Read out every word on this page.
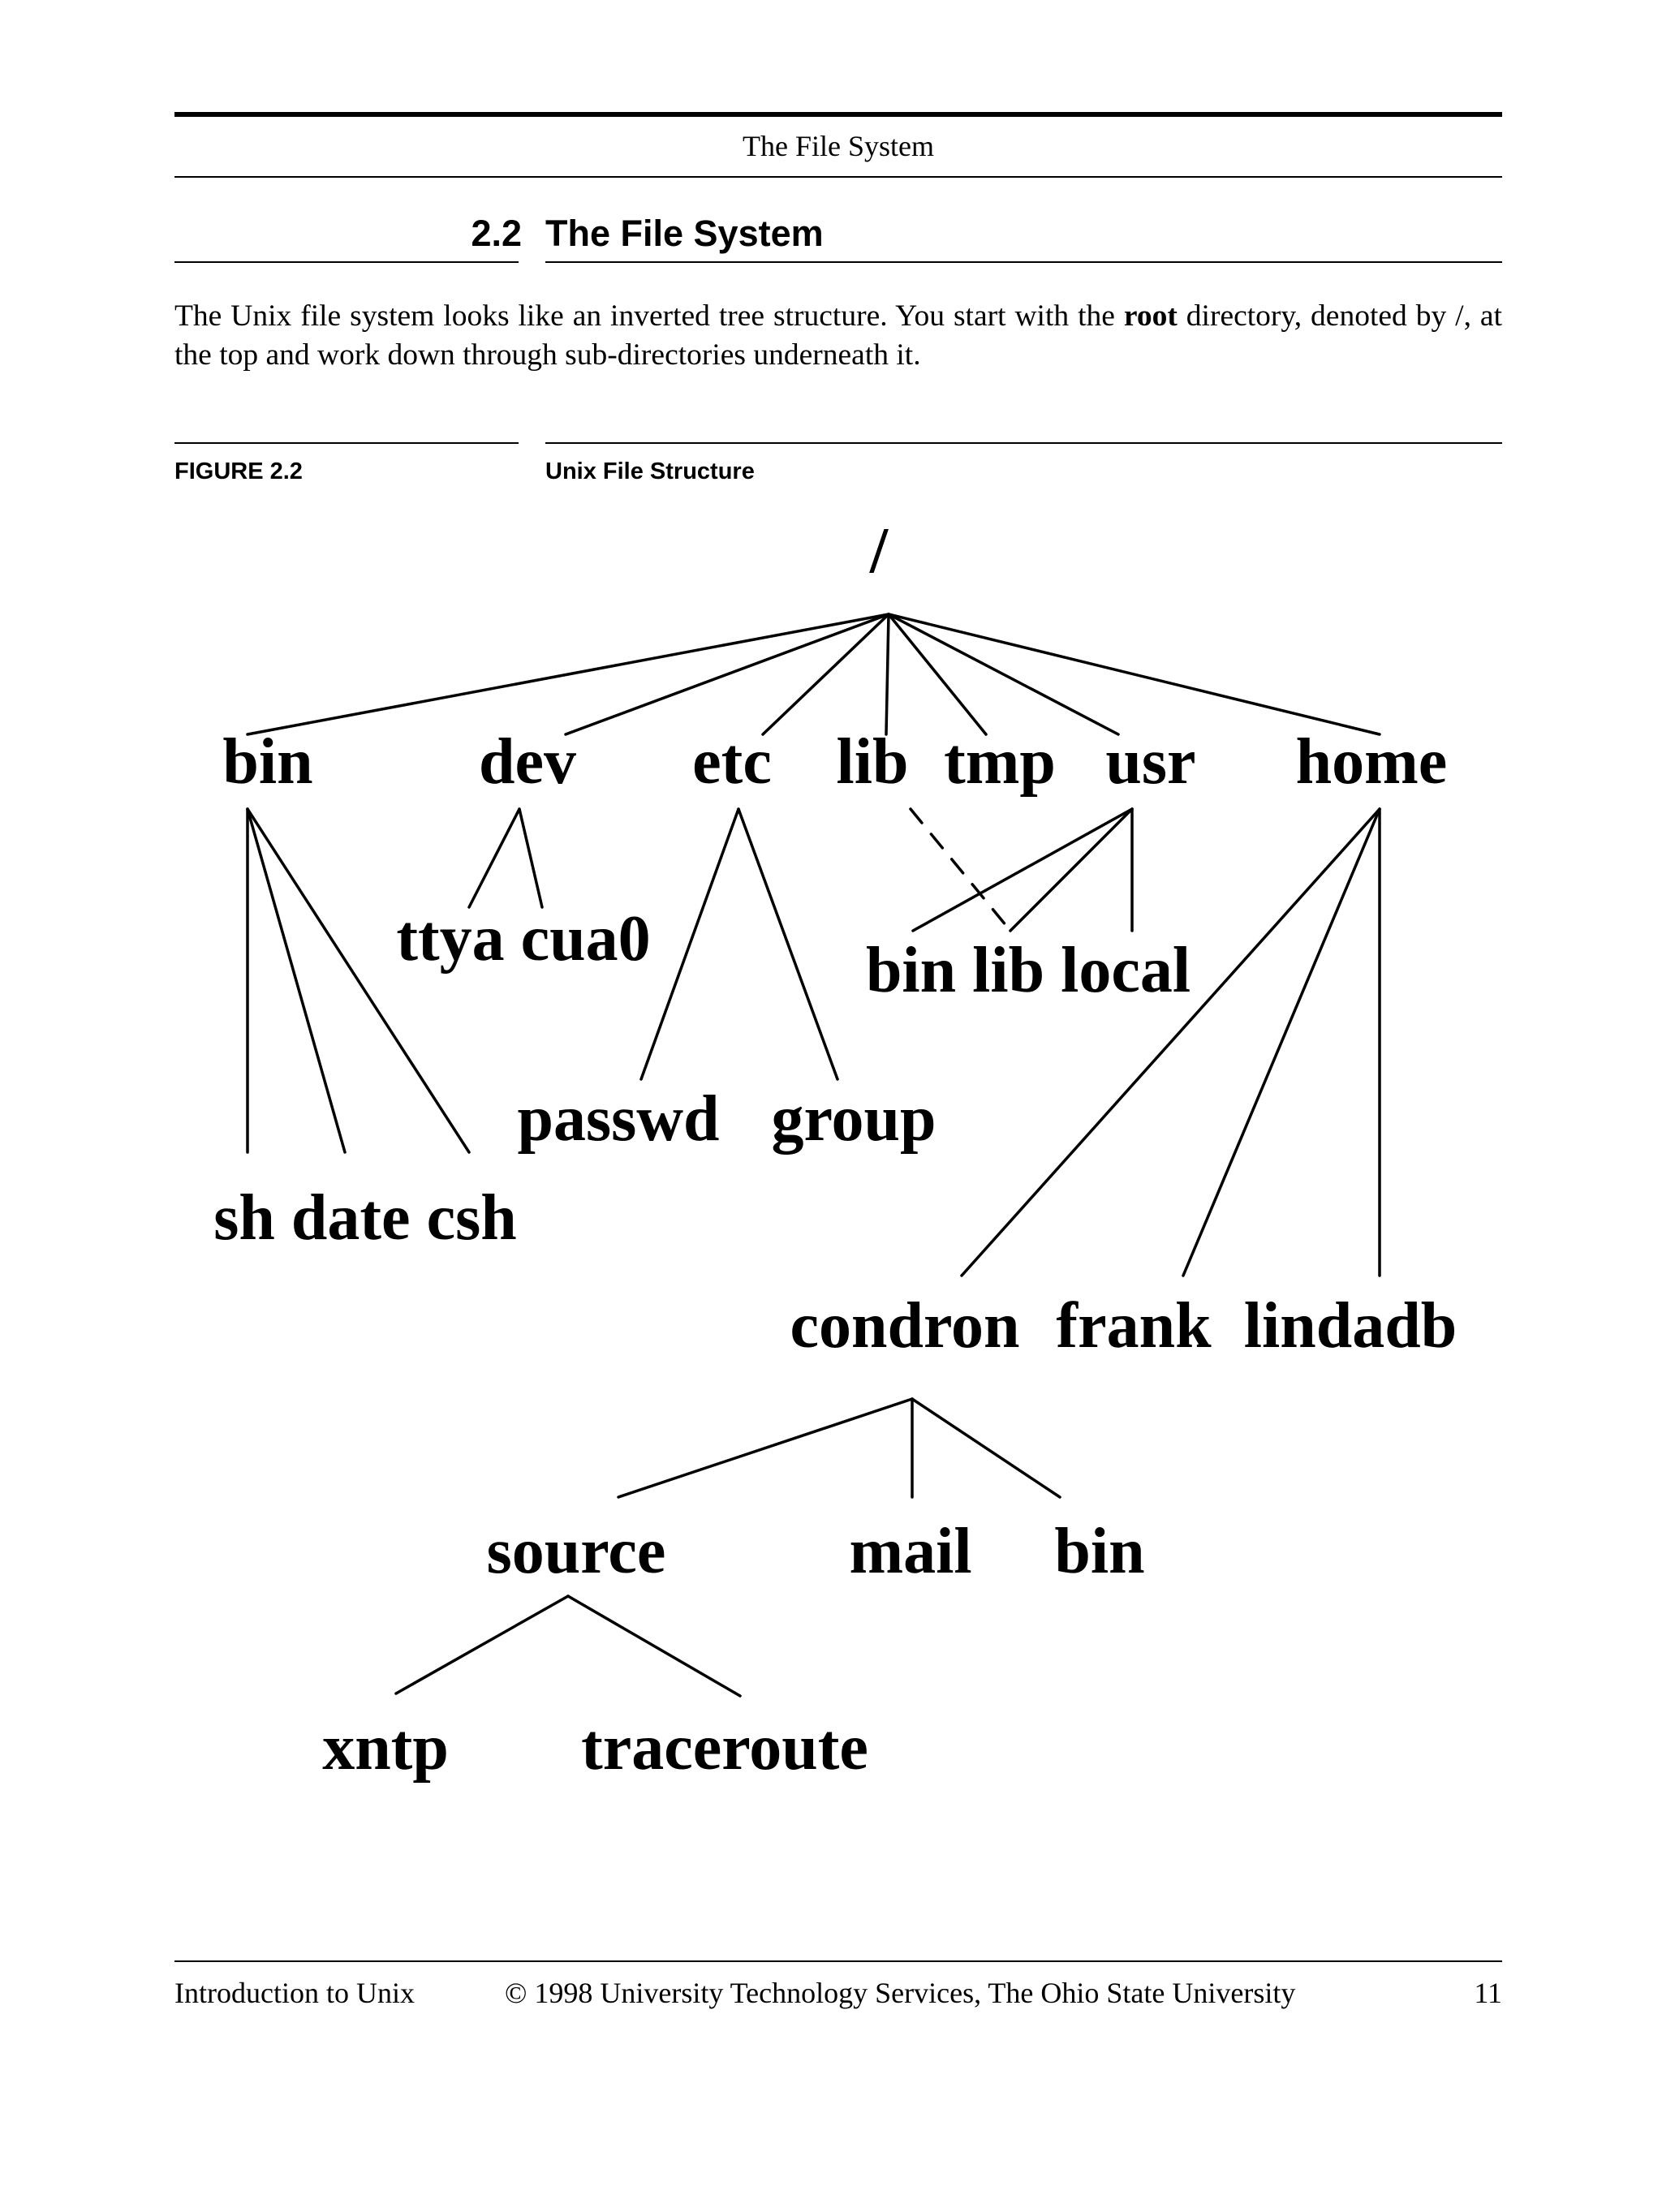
The File System
2.2 The File System
The Unix file system looks like an inverted tree structure. You start with the root directory, denoted by /, at the top and work down through sub-directories underneath it.
FIGURE 2.2	Unix File Structure
/
bin	dev etc lib tmp usr home
ttya cua0	bin lib local
passwd group
sh date csh
condron frank lindadb
source	mail bin
xntp traceroute
Introduction to Unix	© 1998 University Technology Services, The Ohio State University	11
